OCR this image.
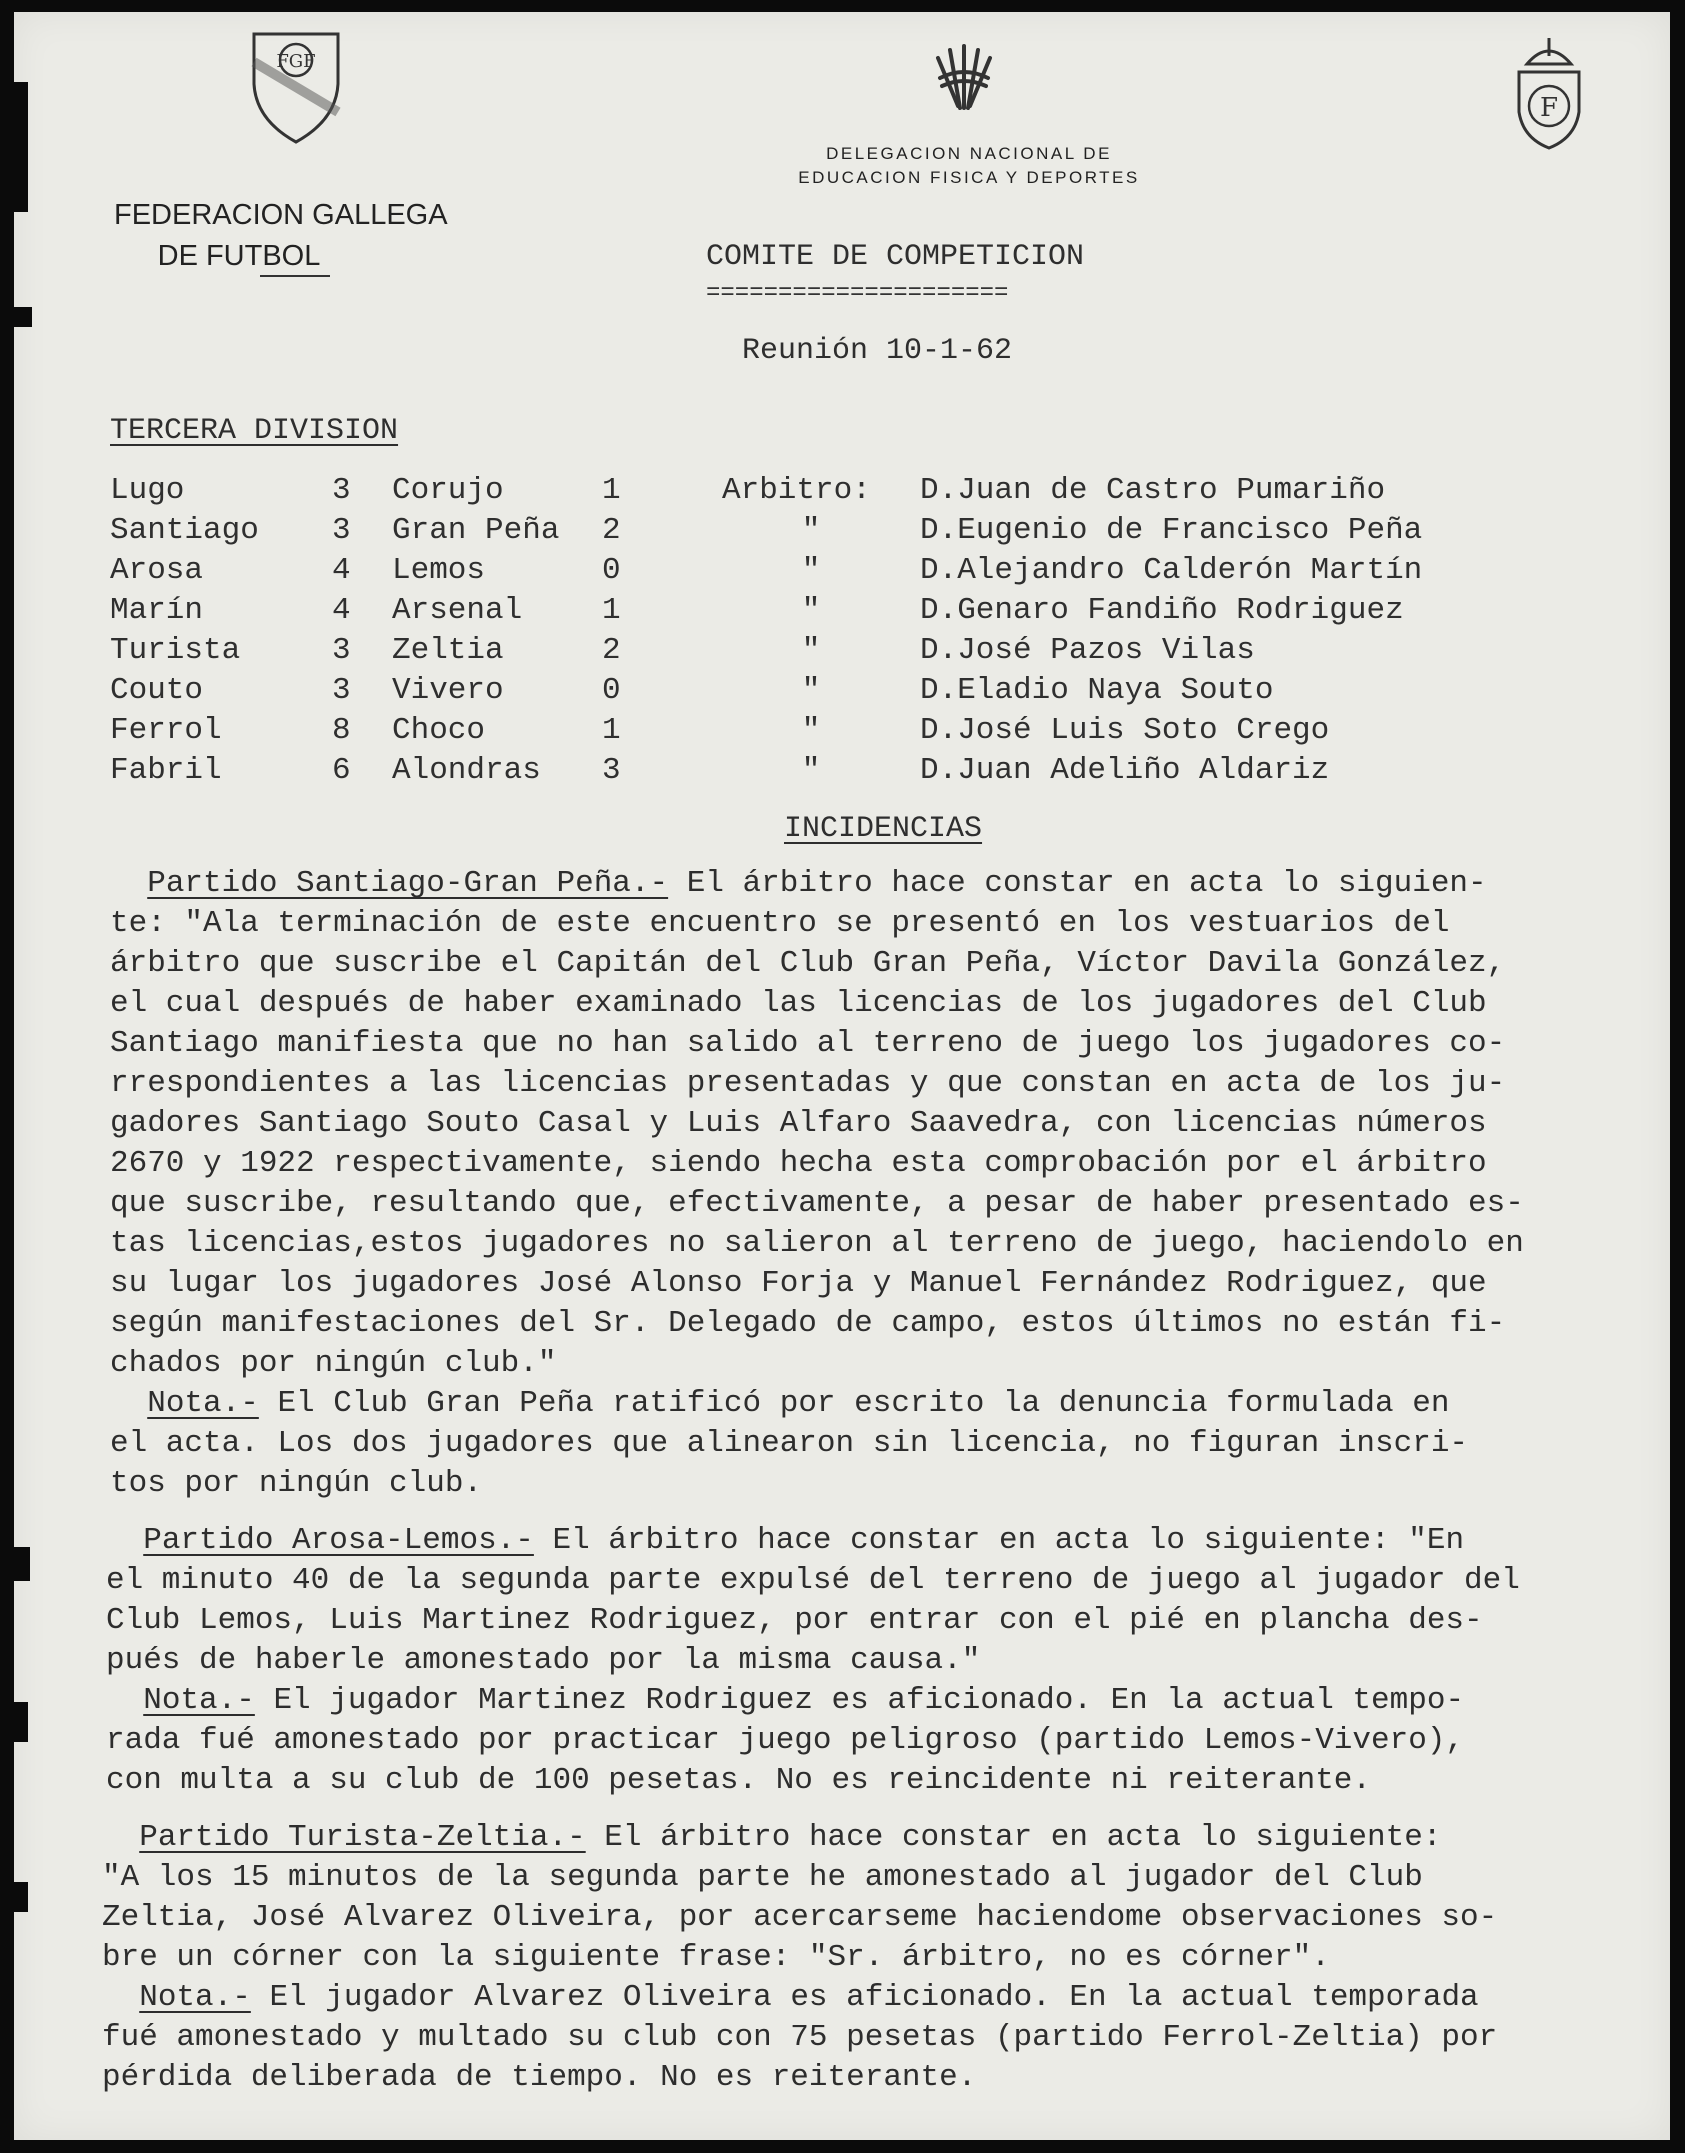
FGF
FEDERACION GALLEGA
DE FUTBOL
DELEGACION NACIONAL DE
EDUCACION FISICA Y DEPORTES
F
COMITE DE COMPETICION
=====================
Reunión 10-1-62
TERCERA DIVISION
Lugo	3	Corujo	1	Arbitro:	D.Juan de Castro Pumariño
Santiago	3	Gran Peña	2	"	D.Eugenio de Francisco Peña
Arosa	4	Lemos	0	"	D.Alejandro Calderón Martín
Marín	4	Arsenal	1	"	D.Genaro Fandiño Rodriguez
Turista	3	Zeltia	2	"	D.José Pazos Vilas
Couto	3	Vivero	0	"	D.Eladio Naya Souto
Ferrol	8	Choco	1	"	D.José Luis Soto Crego
Fabril	6	Alondras	3	"	D.Juan Adeliño Aldariz
INCIDENCIAS

Partido Santiago-Gran Peña.- El árbitro hace constar en acta lo siguien-

te: "Ala terminación de este encuentro se presentó en los vestuarios del

árbitro que suscribe el Capitán del Club Gran Peña, Víctor Davila González,

el cual después de haber examinado las licencias de los jugadores del Club

Santiago manifiesta que no han salido al terreno de juego los jugadores co-

rrespondientes a las licencias presentadas y que constan en acta de los ju-

gadores Santiago Souto Casal y Luis Alfaro Saavedra, con licencias números

2670 y 1922 respectivamente, siendo hecha esta comprobación por el árbitro

que suscribe, resultando que, efectivamente, a pesar de haber presentado es-

tas licencias,estos jugadores no salieron al terreno de juego, haciendolo en

su lugar los jugadores José Alonso Forja y Manuel Fernández Rodriguez, que

según manifestaciones del Sr. Delegado de campo, estos últimos no están fi-

chados por ningún club."

Nota.- El Club Gran Peña ratificó por escrito la denuncia formulada en

el acta. Los dos jugadores que alinearon sin licencia, no figuran inscri-

tos por ningún club.

Partido Arosa-Lemos.- El árbitro hace constar en acta lo siguiente: "En

el minuto 40 de la segunda parte expulsé del terreno de juego al jugador del

Club Lemos, Luis Martinez Rodriguez, por entrar con el pié en plancha des-

pués de haberle amonestado por la misma causa."

Nota.- El jugador Martinez Rodriguez es aficionado. En la actual tempo-

rada fué amonestado por practicar juego peligroso (partido Lemos-Vivero),

con multa a su club de 100 pesetas. No es reincidente ni reiterante.

Partido Turista-Zeltia.- El árbitro hace constar en acta lo siguiente:

"A los 15 minutos de la segunda parte he amonestado al jugador del Club

Zeltia, José Alvarez Oliveira, por acercarseme haciendome observaciones so-

bre un córner con la siguiente frase: "Sr. árbitro, no es córner".

Nota.- El jugador Alvarez Oliveira es aficionado. En la actual temporada

fué amonestado y multado su club con 75 pesetas (partido Ferrol-Zeltia) por

pérdida deliberada de tiempo. No es reiterante.
